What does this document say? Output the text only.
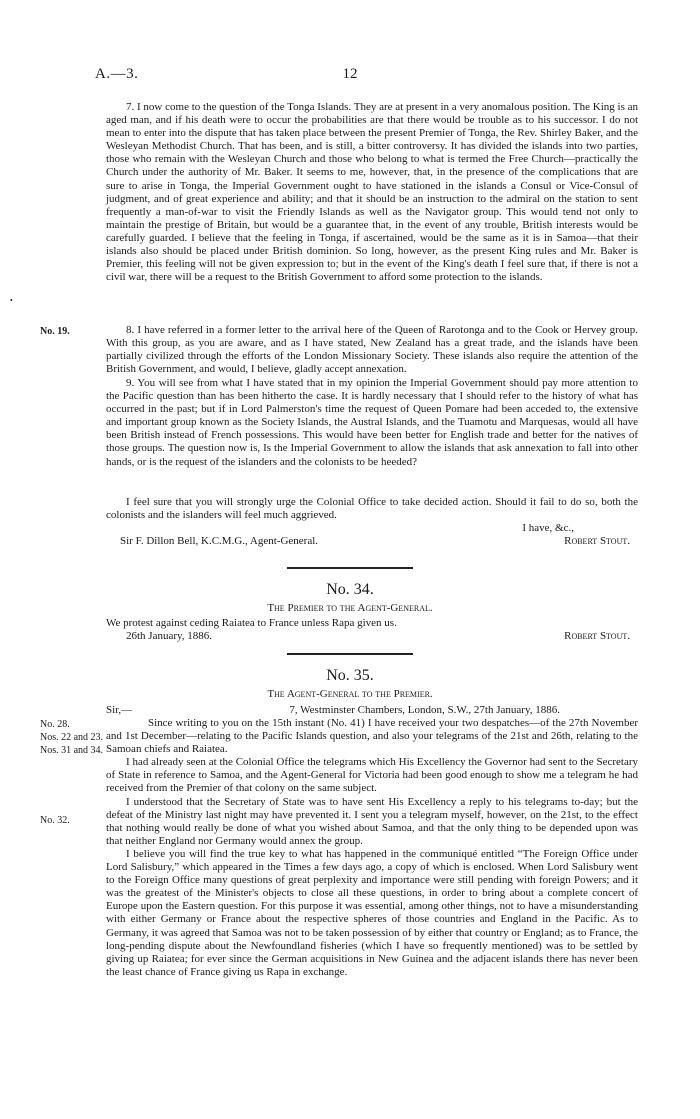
A.—3.	12

7. I now come to the question of the Tonga Islands. They are at present in a very anomalous position. The King is an aged man, and if his death were to occur the probabilities are that there would be trouble as to his successor. I do not mean to enter into the dispute that has taken place between the present Premier of Tonga, the Rev. Shirley Baker, and the Wesleyan Methodist Church. That has been, and is still, a bitter controversy. It has divided the islands into two parties, those who remain with the Wesleyan Church and those who belong to what is termed the Free Church—practically the Church under the authority of Mr. Baker. It seems to me, however, that, in the presence of the complications that are sure to arise in Tonga, the Imperial Government ought to have stationed in the islands a Consul or Vice-Consul of judgment, and of great experience and ability; and that it should be an instruction to the admiral on the station to sent frequently a man-of-war to visit the Friendly Islands as well as the Navigator group. This would tend not only to maintain the prestige of Britain, but would be a guarantee that, in the event of any trouble, British interests would be carefully guarded. I believe that the feeling in Tonga, if ascertained, would be the same as it is in Samoa—that their islands also should be placed under British dominion. So long, however, as the present King rules and Mr. Baker is Premier, this feeling will not be given expression to; but in the event of the King's death I feel sure that, if there is not a civil war, there will be a request to the British Government to afford some protection to the islands.

•
No. 19.	8. I have referred in a former letter to the arrival here of the Queen of Rarotonga and to the Cook or Hervey group. With this group, as you are aware, and as I have stated, New Zealand has a great trade, and the islands have been partially civilized through the efforts of the London Missionary Society. These islands also require the attention of the British Government, and would, I believe, gladly accept annexation.

9. You will see from what I have stated that in my opinion the Imperial Government should pay more attention to the Pacific question than has been hitherto the case. It is hardly necessary that I should refer to the history of what has occurred in the past; but if in Lord Palmerston's time the request of Queen Pomare had been acceded to, the extensive and important group known as the Society Islands, the Austral Islands, and the Tuamotu and Marquesas, would all have been British instead of French possessions. This would have been better for English trade and better for the natives of those groups. The question now is, Is the Imperial Government to allow the islands that ask annexation to fall into other hands, or is the request of the islanders and the colonists to be heeded?

I feel sure that you will strongly urge the Colonial Office to take decided action. Should it fail to do so, both the colonists and the islanders will feel much aggrieved.

I have, &c.,
Sir F. Dillon Bell, K.C.M.G., Agent-General.	Robert Stout.
No. 34.
The Premier to the Agent-General.

We protest against ceding Raiatea to France unless Rapa given us.

26th January, 1886.	Robert Stout.
No. 35.
The Agent-General to the Premier.
Sir,—	7, Westminster Chambers, London, S.W., 27th January, 1886.
No. 28.
Nos. 22 and 23.
Nos. 31 and 34.
No. 32.

Since writing to you on the 15th instant (No. 41) I have received your two despatches—of the 27th November and 1st December—relating to the Pacific Islands question, and also your telegrams of the 21st and 26th, relating to the Samoan chiefs and Raiatea.

I had already seen at the Colonial Office the telegrams which His Excellency the Governor had sent to the Secretary of State in reference to Samoa, and the Agent-General for Victoria had been good enough to show me a telegram he had received from the Premier of that colony on the same subject.

I understood that the Secretary of State was to have sent His Excellency a reply to his telegrams to-day; but the defeat of the Ministry last night may have prevented it. I sent you a telegram myself, however, on the 21st, to the effect that nothing would really be done of what you wished about Samoa, and that the only thing to be depended upon was that neither England nor Germany would annex the group.

I believe you will find the true key to what has happened in the communiqué entitled “The Foreign Office under Lord Salisbury,” which appeared in the Times a few days ago, a copy of which is enclosed. When Lord Salisbury went to the Foreign Office many questions of great perplexity and importance were still pending with foreign Powers; and it was the greatest of the Minister's objects to close all these questions, in order to bring about a complete concert of Europe upon the Eastern question. For this purpose it was essential, among other things, not to have a misunderstanding with either Germany or France about the respective spheres of those countries and England in the Pacific. As to Germany, it was agreed that Samoa was not to be taken possession of by either that country or England; as to France, the long-pending dispute about the Newfoundland fisheries (which I have so frequently mentioned) was to be settled by giving up Raiatea; for ever since the German acquisitions in New Guinea and the adjacent islands there has never been the least chance of France giving us Rapa in exchange.
